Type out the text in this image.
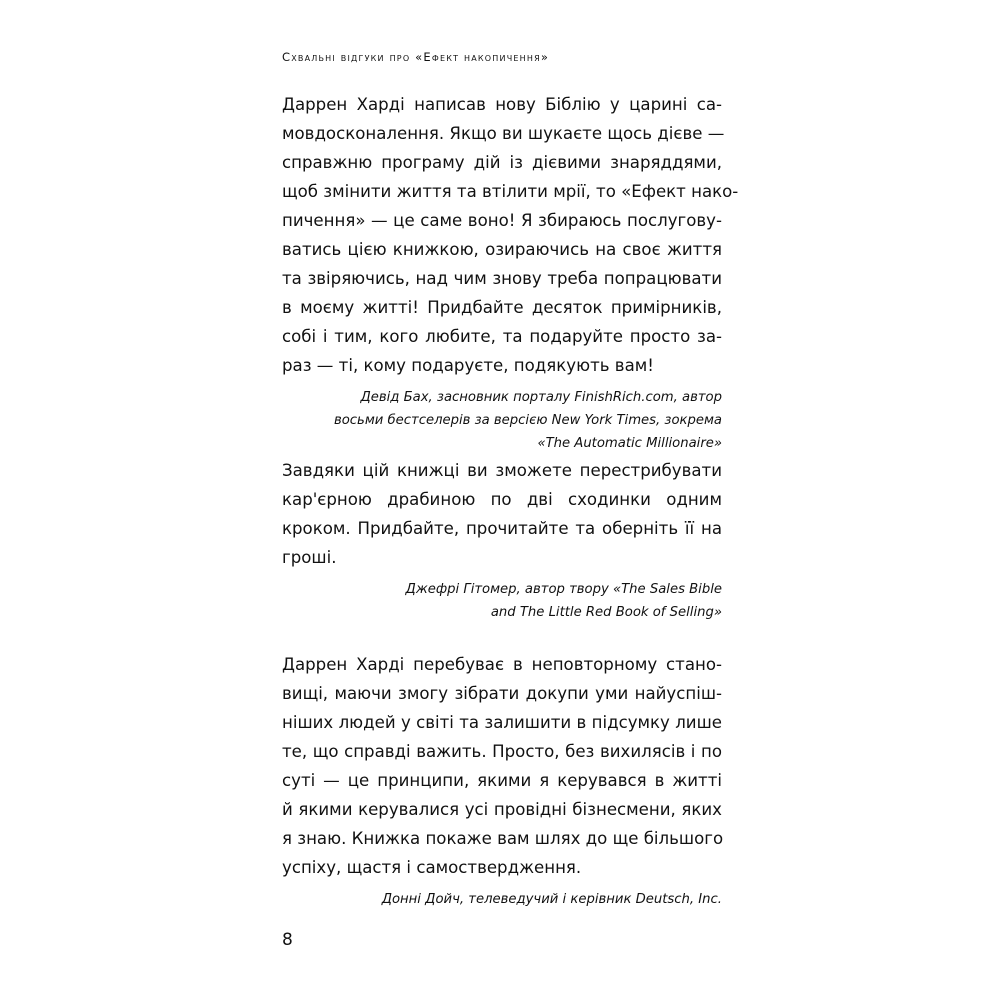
Схвальні відгуки про «Ефект накопичення»

Даррен Харді написав нову Біблію у царині са-
мовдосконалення. Якщо ви шукаєте щось дієве —
справжню програму дій із дієвими знаряддями,
щоб змінити життя та втілити мрії, то «Ефект нако-
пичення» — це саме воно! Я збираюсь послугову-
ватись цією книжкою, озираючись на своє життя
та звіряючись, над чим знову треба попрацювати
в моєму житті! Придбайте десяток примірників,
собі і тим, кого любите, та подаруйте просто за-
раз — ті, кому подаруєте, подякують вам!

Девід Бах, засновник порталу FinishRich.com, автор
восьми бестселерів за версією New York Times, зокрема
«The Automatic Millionaire»

Завдяки цій книжці ви зможете перестрибувати
кар'єрною драбиною по дві сходинки одним
кроком. Придбайте, прочитайте та оберніть її на
гроші.

Джефрі Гітомер, автор твору «The Sales Bible
and The Little Red Book of Selling»

Даррен Харді перебуває в неповторному стано-
вищі, маючи змогу зібрати докупи уми найуспіш-
ніших людей у світі та залишити в підсумку лише
те, що справді важить. Просто, без вихилясів і по
суті — це принципи, якими я керувався в житті
й якими керувалися усі провідні бізнесмени, яких
я знаю. Книжка покаже вам шлях до ще більшого
успіху, щастя і самоствердження.

Донні Дойч, телеведучий і керівник Deutsch, Inc.

8
